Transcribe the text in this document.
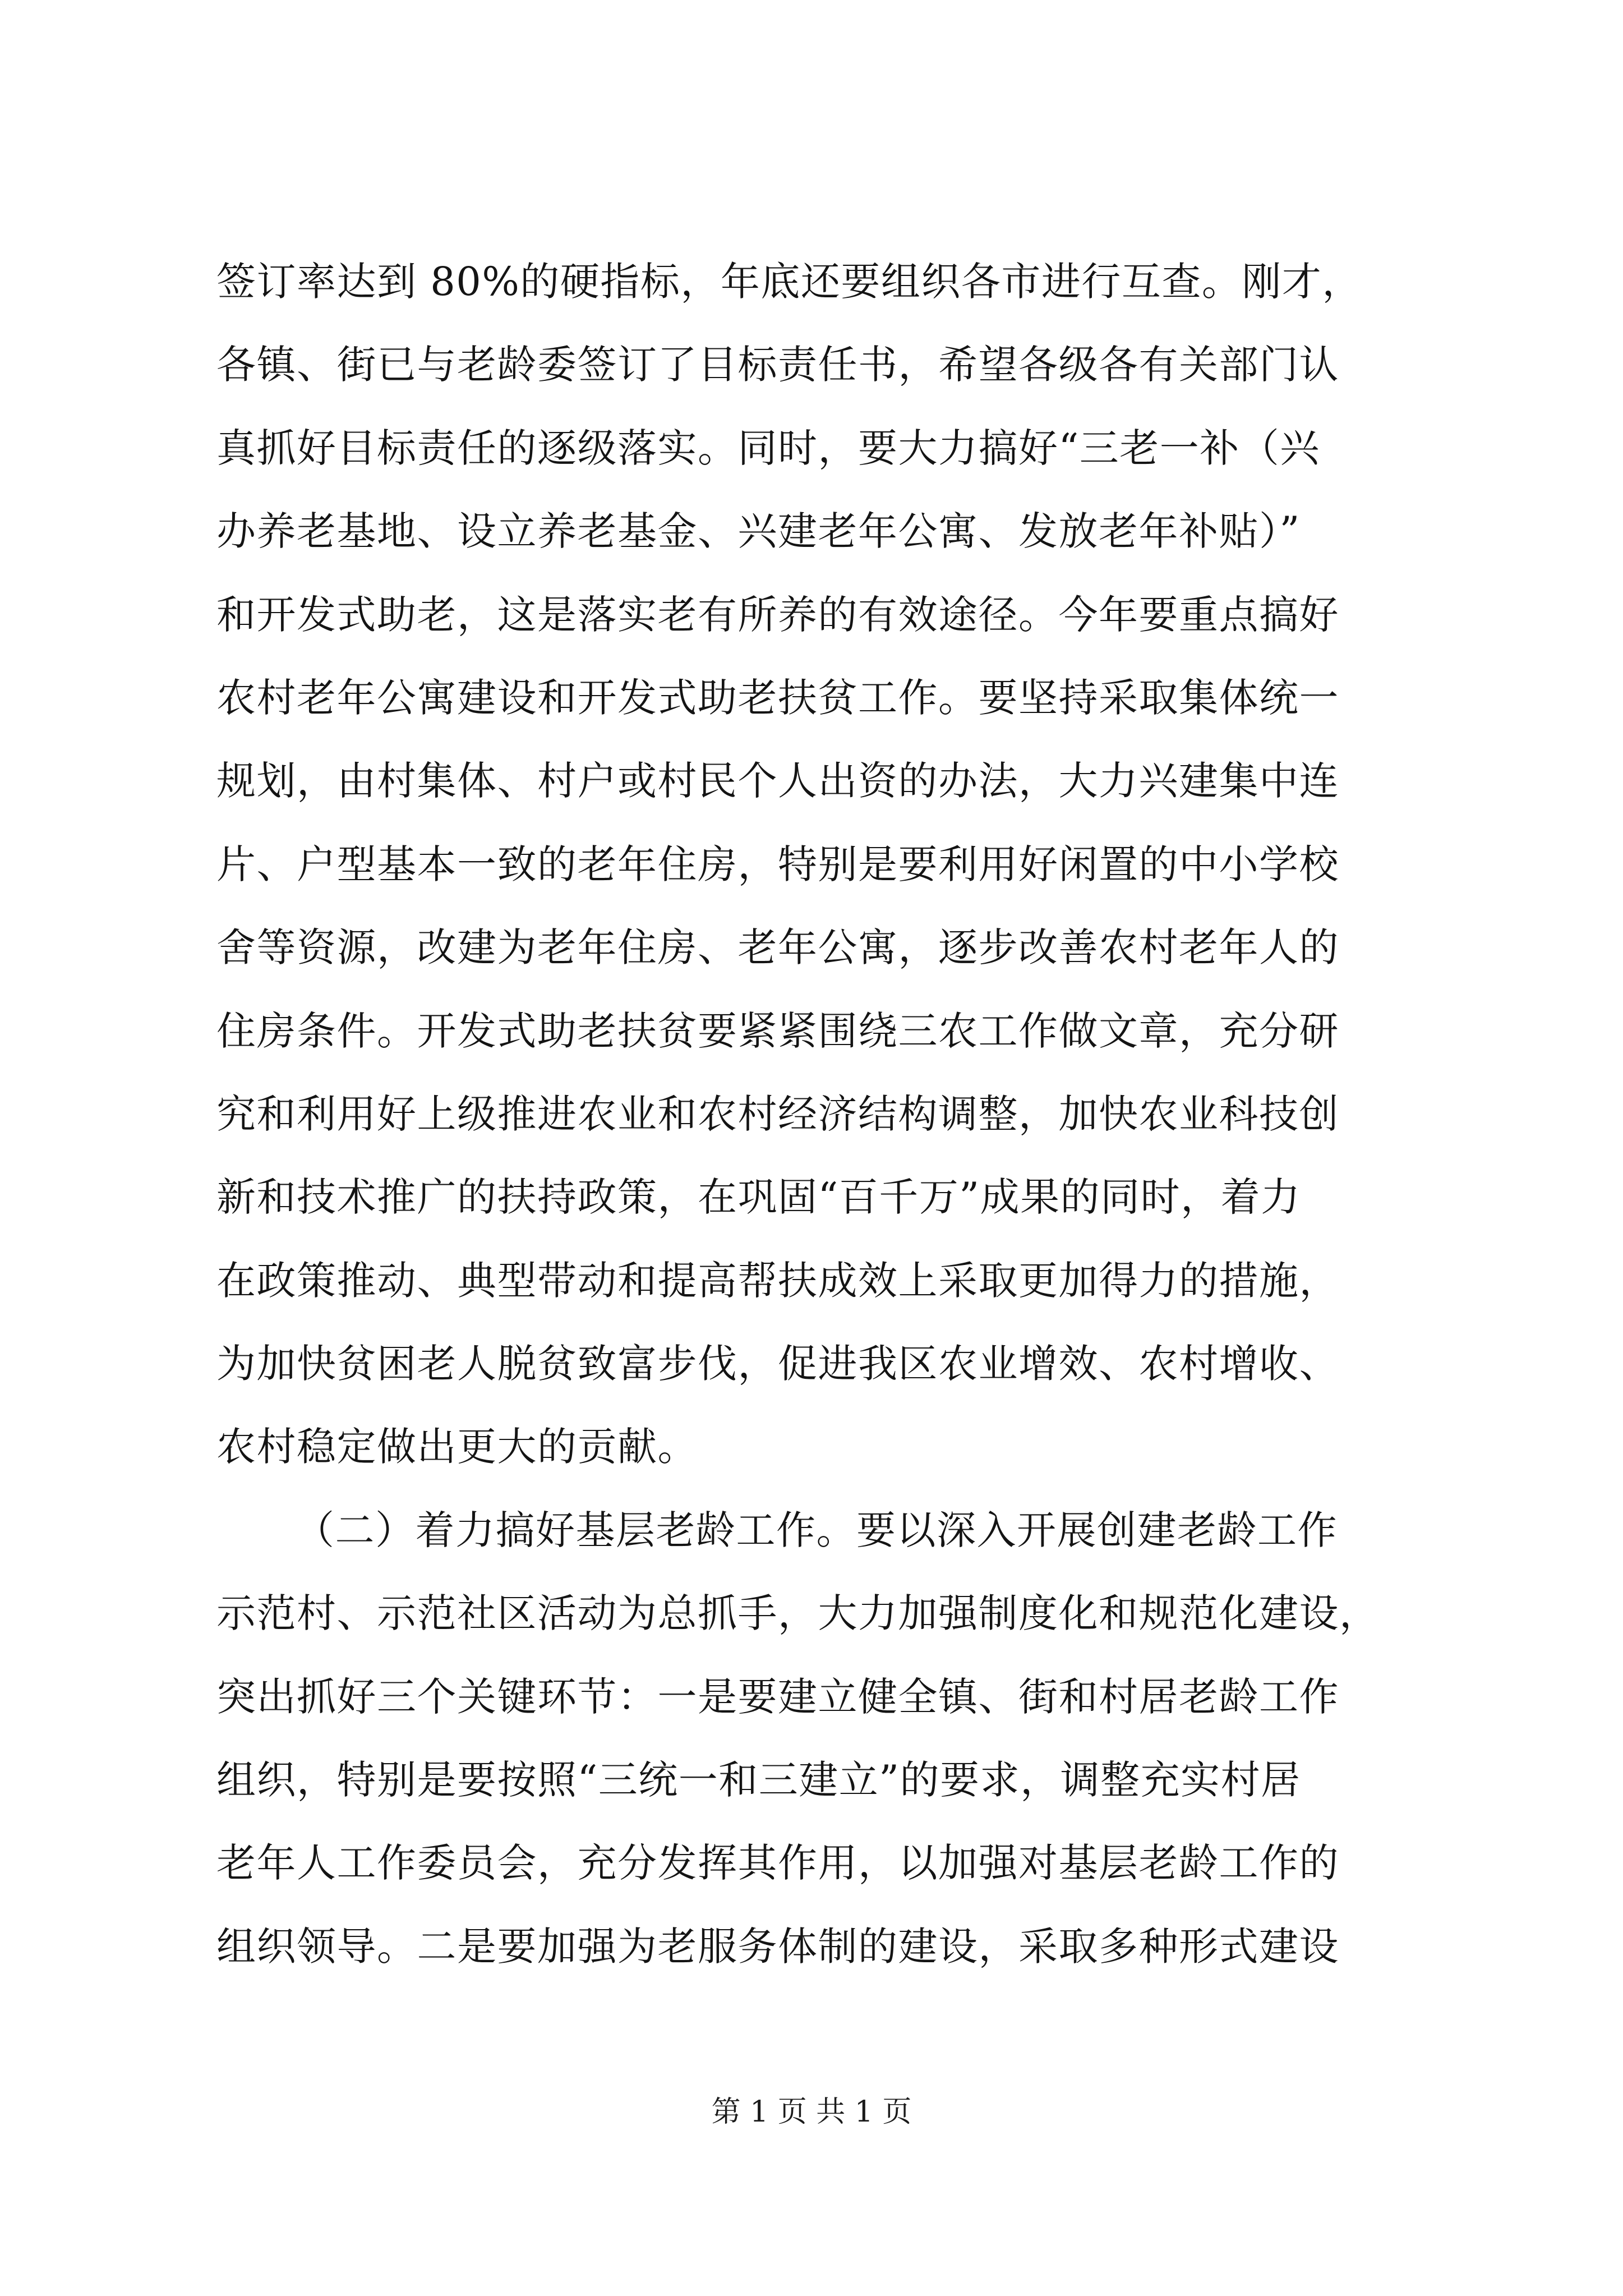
签订率达到 80%的硬指标，年底还要组织各市进行互查。刚才，
各镇、街已与老龄委签订了目标责任书，希望各级各有关部门认
真抓好目标责任的逐级落实。同时，要大力搞好“三老一补（兴
办养老基地、设立养老基金、兴建老年公寓、发放老年补贴）”
和开发式助老，这是落实老有所养的有效途径。今年要重点搞好
农村老年公寓建设和开发式助老扶贫工作。要坚持采取集体统一
规划，由村集体、村户或村民个人出资的办法，大力兴建集中连
片、户型基本一致的老年住房，特别是要利用好闲置的中小学校
舍等资源，改建为老年住房、老年公寓，逐步改善农村老年人的
住房条件。开发式助老扶贫要紧紧围绕三农工作做文章，充分研
究和利用好上级推进农业和农村经济结构调整，加快农业科技创
新和技术推广的扶持政策，在巩固“百千万”成果的同时，着力
在政策推动、典型带动和提高帮扶成效上采取更加得力的措施，
为加快贫困老人脱贫致富步伐，促进我区农业增效、农村增收、
农村稳定做出更大的贡献。
（二）着力搞好基层老龄工作。要以深入开展创建老龄工作
示范村、示范社区活动为总抓手，大力加强制度化和规范化建设，
突出抓好三个关键环节：一是要建立健全镇、街和村居老龄工作
组织，特别是要按照“三统一和三建立”的要求，调整充实村居
老年人工作委员会，充分发挥其作用，以加强对基层老龄工作的
组织领导。二是要加强为老服务体制的建设，采取多种形式建设
第 1 页 共 1 页
